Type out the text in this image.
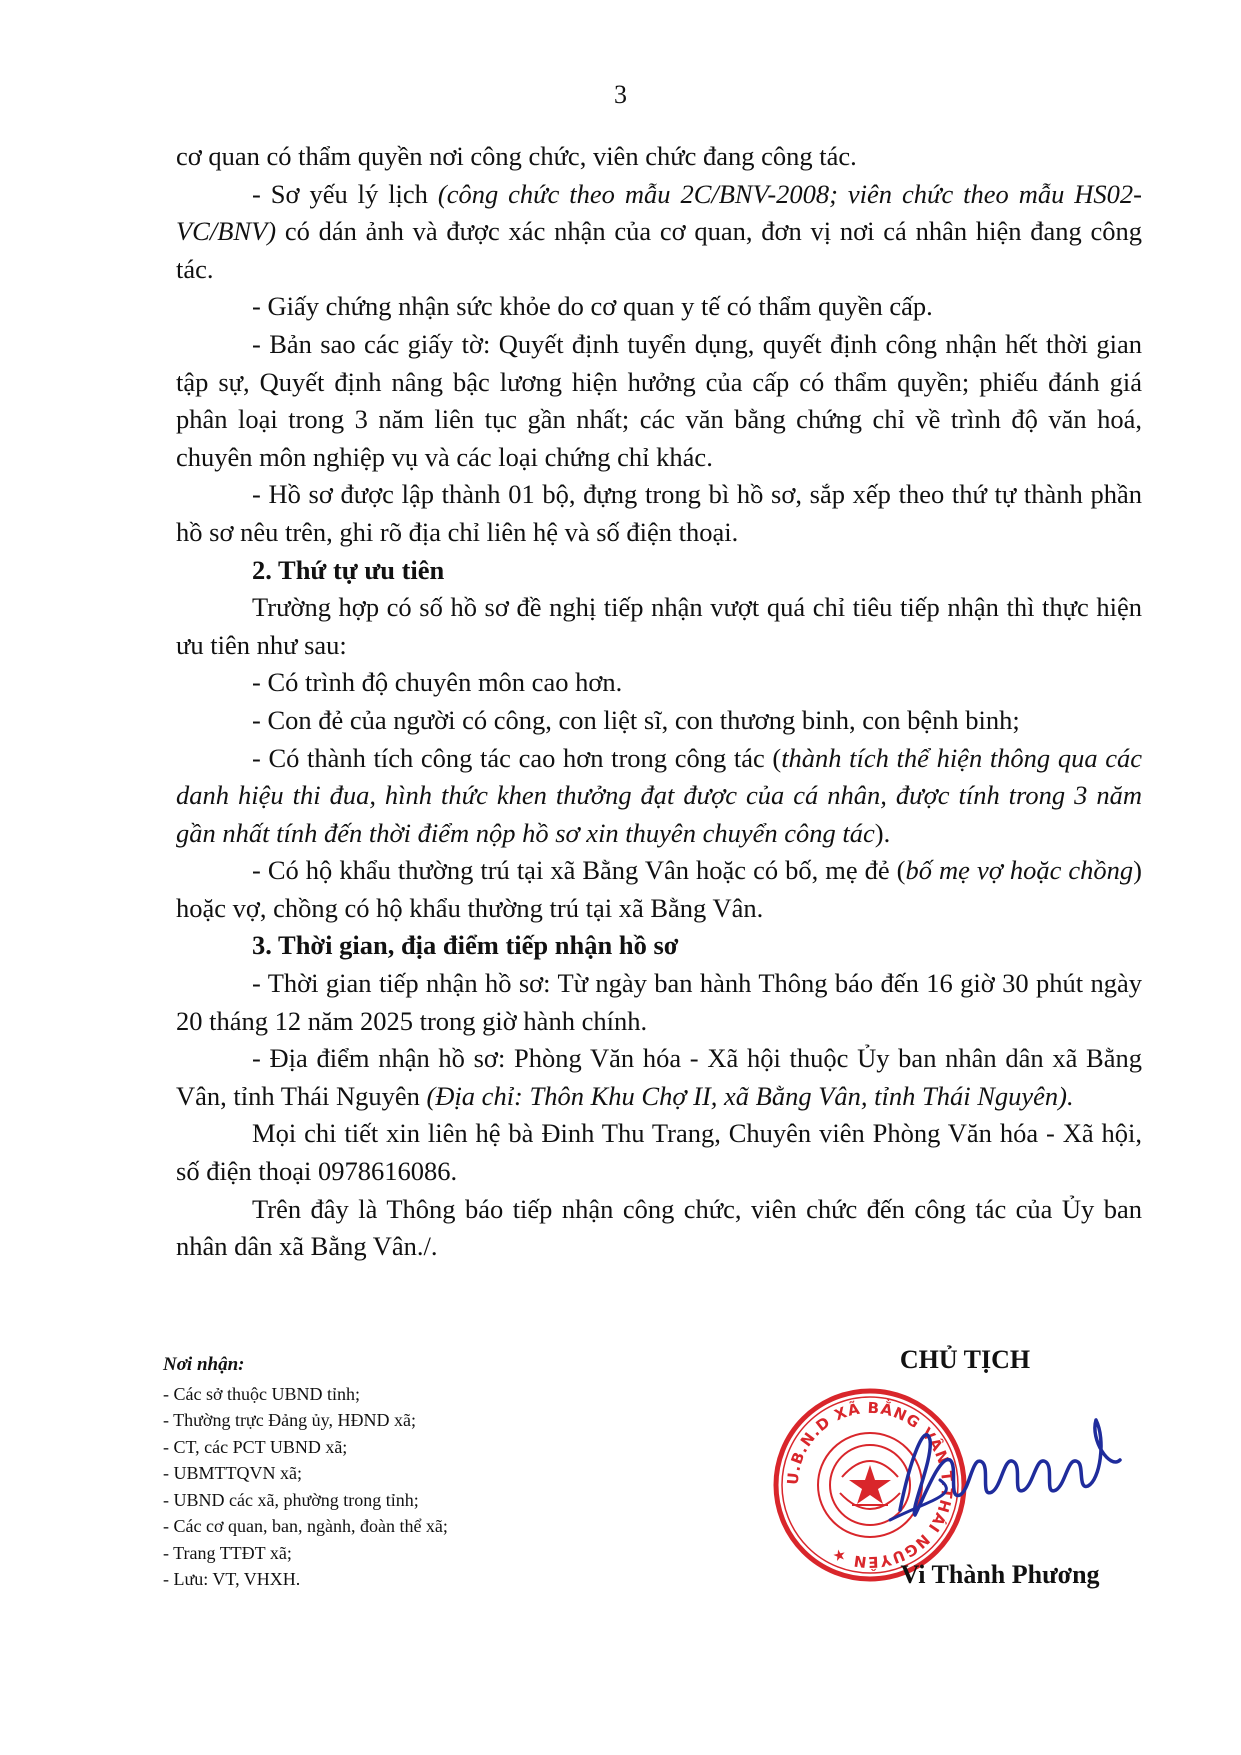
3

cơ quan có thẩm quyền nơi công chức, viên chức đang công tác.

- Sơ yếu lý lịch (công chức theo mẫu 2C/BNV-2008; viên chức theo mẫu HS02-VC/BNV) có dán ảnh và được xác nhận của cơ quan, đơn vị nơi cá nhân hiện đang công tác.

- Giấy chứng nhận sức khỏe do cơ quan y tế có thẩm quyền cấp.

- Bản sao các giấy tờ: Quyết định tuyển dụng, quyết định công nhận hết thời gian tập sự, Quyết định nâng bậc lương hiện hưởng của cấp có thẩm quyền; phiếu đánh giá phân loại trong 3 năm liên tục gần nhất; các văn bằng chứng chỉ về trình độ văn hoá, chuyên môn nghiệp vụ và các loại chứng chỉ khác.

- Hồ sơ được lập thành 01 bộ, đựng trong bì hồ sơ, sắp xếp theo thứ tự thành phần hồ sơ nêu trên, ghi rõ địa chỉ liên hệ và số điện thoại.

2. Thứ tự ưu tiên

Trường hợp có số hồ sơ đề nghị tiếp nhận vượt quá chỉ tiêu tiếp nhận thì thực hiện ưu tiên như sau:

- Có trình độ chuyên môn cao hơn.

- Con đẻ của người có công, con liệt sĩ, con thương binh, con bệnh binh;

- Có thành tích công tác cao hơn trong công tác (thành tích thể hiện thông qua các danh hiệu thi đua, hình thức khen thưởng đạt được của cá nhân, được tính trong 3 năm gần nhất tính đến thời điểm nộp hồ sơ xin thuyên chuyển công tác).

- Có hộ khẩu thường trú tại xã Bằng Vân hoặc có bố, mẹ đẻ (bố mẹ vợ hoặc chồng) hoặc vợ, chồng có hộ khẩu thường trú tại xã Bằng Vân.

3. Thời gian, địa điểm tiếp nhận hồ sơ

- Thời gian tiếp nhận hồ sơ: Từ ngày ban hành Thông báo đến 16 giờ 30 phút ngày 20 tháng 12 năm 2025 trong giờ hành chính.

- Địa điểm nhận hồ sơ: Phòng Văn hóa - Xã hội thuộc Ủy ban nhân dân xã Bằng Vân, tỉnh Thái Nguyên (Địa chỉ: Thôn Khu Chợ II, xã Bằng Vân, tỉnh Thái Nguyên).

Mọi chi tiết xin liên hệ bà Đinh Thu Trang, Chuyên viên Phòng Văn hóa - Xã hội, số điện thoại 0978616086.

Trên đây là Thông báo tiếp nhận công chức, viên chức đến công tác của Ủy ban nhân dân xã Bằng Vân./.

Nơi nhận:
- Các sở thuộc UBND tỉnh;
- Thường trực Đảng ủy, HĐND xã;
- CT, các PCT UBND xã;
- UBMTTQVN xã;
- UBND các xã, phường trong tỉnh;
- Các cơ quan, ban, ngành, đoàn thể xã;
- Trang TTĐT xã;
- Lưu: VT, VHXH.
CHỦ TỊCH
U.B.N.D XÃ BẰNG VÂN T.THÁI NGUYÊN ★
Vi Thành Phương
